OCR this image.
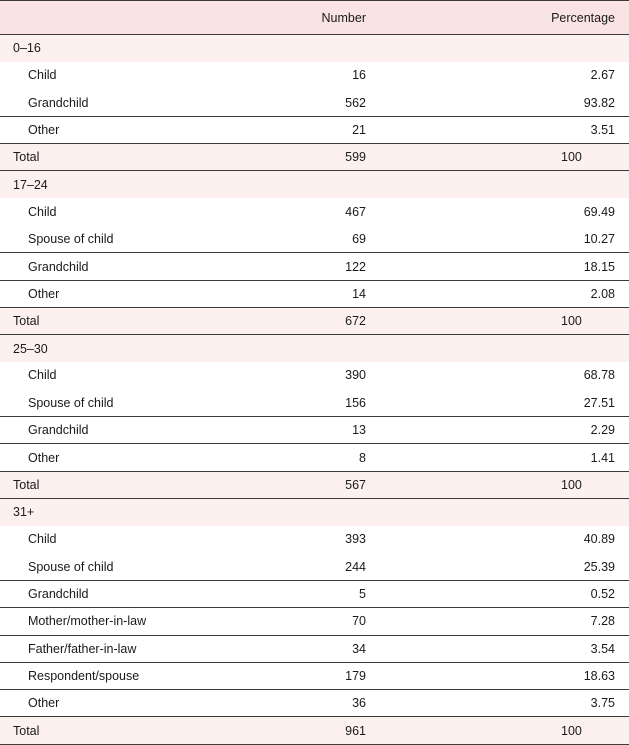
	Number	Percentage
0–16		
Child	16	2.67
Grandchild	562	93.82
Other	21	3.51
Total	599	100
17–24		
Child	467	69.49
Spouse of child	69	10.27
Grandchild	122	18.15
Other	14	2.08
Total	672	100
25–30		
Child	390	68.78
Spouse of child	156	27.51
Grandchild	13	2.29
Other	8	1.41
Total	567	100
31+		
Child	393	40.89
Spouse of child	244	25.39
Grandchild	5	0.52
Mother/mother-in-law	70	7.28
Father/father-in-law	34	3.54
Respondent/spouse	179	18.63
Other	36	3.75
Total	961	100
